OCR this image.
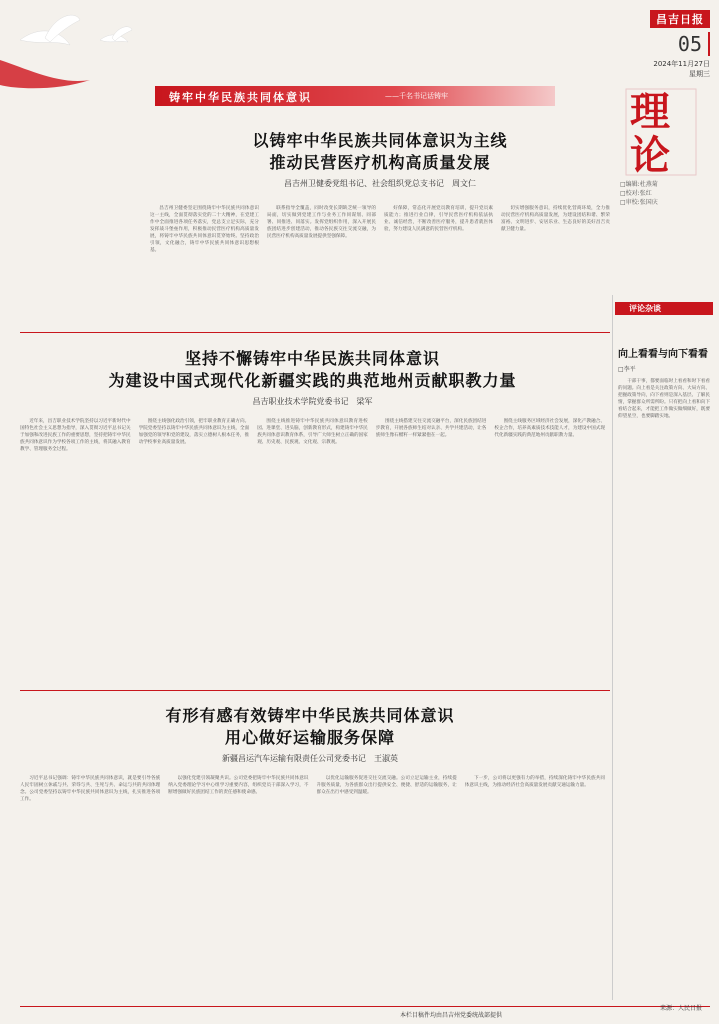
昌吉日报
05
2024年11月27日
星期三
铸牢中华民族共同体意识	——千名书记话铸牢	理论
□编辑:杜燕菊
□校对:张红
□审校:张国庆
以铸牢中华民族共同体意识为主线
推动民营医疗机构高质量发展
昌吉州卫健委党组书记、社会组织党总支书记　周文仁

昌吉州卫健委坚定围绕铸牢中华民族共同体意识这一主线，全面贯彻落实党的二十大精神，在党建工作中全面推进各项任务落实，党总支立足实际，充分发挥战斗堡垒作用，积极推动民营医疗机构高质量发展，将铸牢中华民族共同体意识贯穿始终。坚持政治引领，文化融合，铸牢中华民族共同体意识思想根基。

联系指导全覆盖，同时改变长期缺乏统一领导的局面，切实做到党建工作与业务工作同谋划、同部署、同推进、同落实。发挥党组织作用，深入开展民族团结进步创建活动，推动各民族交往交流交融，为民营医疗机构高质量发展提供坚强保障。

好保障，常态化开展党员教育培训，提升党员素质能力；推进行业自律，引导民营医疗机构依法执业、诚信经营，不断改善医疗服务，提升患者就医体验，努力建设人民满意的民营医疗机构。

切实增强服务意识，持续优化营商环境，全力推动民营医疗机构高质量发展，为建设团结和谐、繁荣富裕、文明进步、安居乐业、生态良好的美好昌吉贡献卫健力量。

坚持不懈铸牢中华民族共同体意识
为建设中国式现代化新疆实践的典范地州贡献职教力量
昌吉职业技术学院党委书记　梁军

近年来，昌吉职业技术学院坚持以习近平新时代中国特色社会主义思想为指导，深入贯彻习近平总书记关于加强和改进民族工作的重要思想，坚持把铸牢中华民族共同体意识作为学校各项工作的主线，将其融入教育教学、管理服务全过程。

围绕主线强化政治引领，把牢职业教育正确方向。学院党委坚持以铸牢中华民族共同体意识为主线，全面加强党的领导和党的建设，落实立德树人根本任务，推动学校事业高质量发展。

围绕主线推进铸牢中华民族共同体意识教育进校园、进课堂、进头脑，创新教育形式，构建铸牢中华民族共同体意识教育体系，引导广大师生树立正确的国家观、历史观、民族观、文化观、宗教观。

围绕主线搭建交往交流交融平台，深化民族团结进步教育，开展各族师生结对认亲、共学共建活动，让各族师生像石榴籽一样紧紧抱在一起。

围绕主线服务区域经济社会发展，深化产教融合、校企合作，培养高素质技术技能人才，为建设中国式现代化新疆实践的典范地州贡献职教力量。

有形有感有效铸牢中华民族共同体意识
用心做好运输服务保障
新疆昌运汽车运输有限责任公司党委书记　王淑英

习近平总书记强调：铸牢中华民族共同体意识，就是要引导各族人民牢固树立休戚与共、荣辱与共、生死与共、命运与共的共同体理念。公司党委坚持以铸牢中华民族共同体意识为主线，扎实推进各项工作。

以强化党建引领凝聚共识。公司党委把铸牢中华民族共同体意识纳入党委理论学习中心组学习重要内容，组织党员干部深入学习，不断增强做好民族团结工作的责任感和使命感。

以优化运输服务促进交往交流交融。公司立足运输主业，持续提升服务质量，为各族群众出行提供安全、便捷、舒适的运输服务，让群众在出行中感受到温暖。

下一步，公司将以更强有力的举措，持续深化铸牢中华民族共同体意识主线，为推动经济社会高质量发展贡献交通运输力量。

评论杂谈
向上看看与向下看看
□李平

干部干事，都要面临时上看看和时下看看的问题。向上看是关注政策方向、大局方向、把握政策导向，向下看则是深入基层、了解民情，掌握群众所需所盼。只有把向上看和向下看结合起来，才能把工作做实做细做好，既要仰望星空，也要脚踏实地。

本栏目稿件均由昌吉州党委统战部提供
来源：人民日报
